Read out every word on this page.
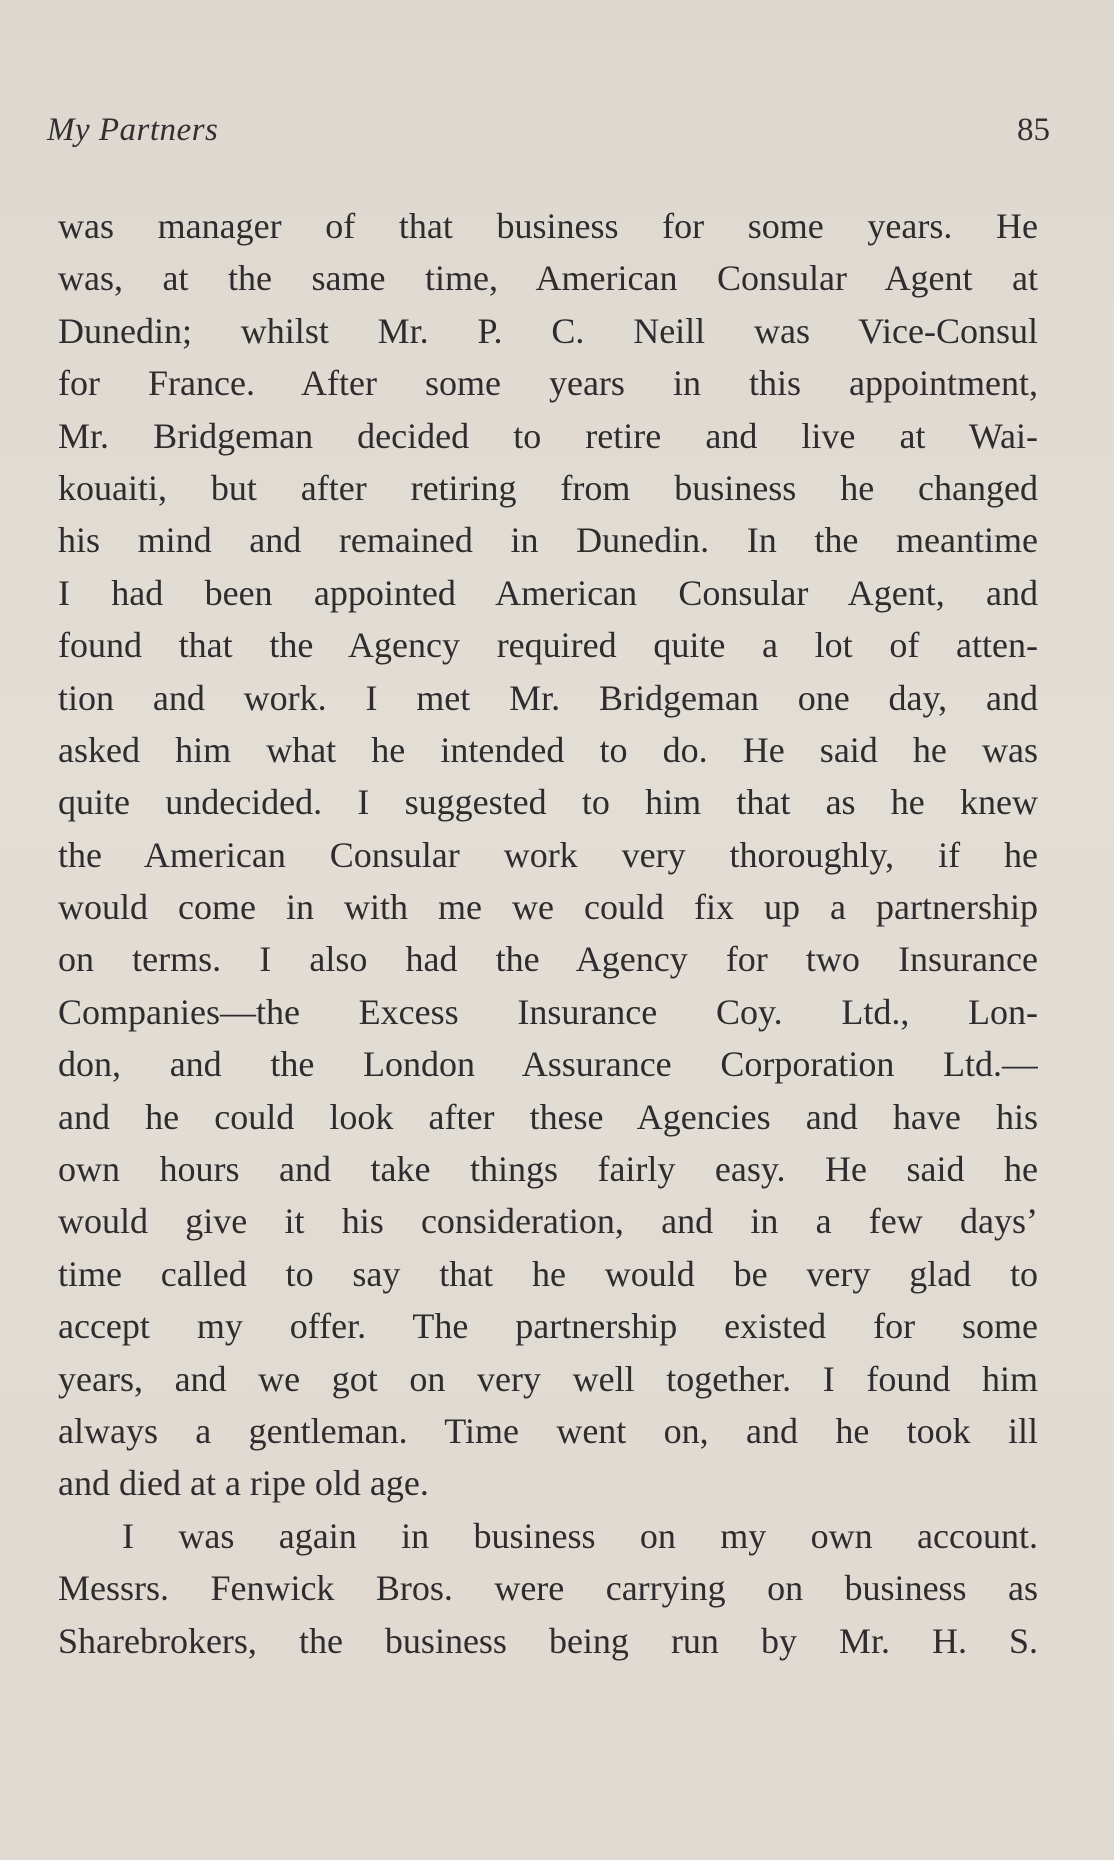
My Partners	85
was manager of that business for some years. He
was, at the same time, American Consular Agent at
Dunedin; whilst Mr. P. C. Neill was Vice-Consul
for France. After some years in this appointment,
Mr. Bridgeman decided to retire and live at Wai-
kouaiti, but after retiring from business he changed
his mind and remained in Dunedin. In the meantime
I had been appointed American Consular Agent, and
found that the Agency required quite a lot of atten-
tion and work. I met Mr. Bridgeman one day, and
asked him what he intended to do. He said he was
quite undecided. I suggested to him that as he knew
the American Consular work very thoroughly, if he
would come in with me we could fix up a partnership
on terms. I also had the Agency for two Insurance
Companies—the Excess Insurance Coy. Ltd., Lon-
don, and the London Assurance Corporation Ltd.—
and he could look after these Agencies and have his
own hours and take things fairly easy. He said he
would give it his consideration, and in a few days’
time called to say that he would be very glad to
accept my offer. The partnership existed for some
years, and we got on very well together. I found him
always a gentleman. Time went on, and he took ill
and died at a ripe old age.
I was again in business on my own account.
Messrs. Fenwick Bros. were carrying on business as
Sharebrokers, the business being run by Mr. H. S.
